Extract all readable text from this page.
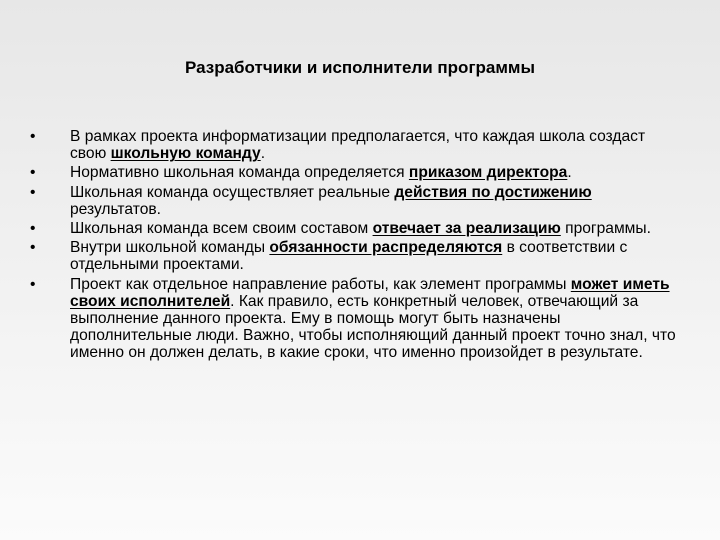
Разработчики и исполнители программы
• В рамках проекта информатизации предполагается, что каждая школа создаст свою школьную команду.
• Нормативно школьная команда определяется приказом директора.
• Школьная команда осуществляет реальные действия по достижению результатов.
• Школьная команда всем своим составом отвечает за реализацию программы.
• Внутри школьной команды обязанности распределяются в соответствии с отдельными проектами.
• Проект как отдельное направление работы, как элемент программы может иметь своих исполнителей. Как правило, есть конкретный человек, отвечающий за выполнение данного проекта. Ему в помощь могут быть назначены дополнительные люди. Важно, чтобы исполняющий данный проект точно знал, что именно он должен делать, в какие сроки, что именно произойдет в результате.
